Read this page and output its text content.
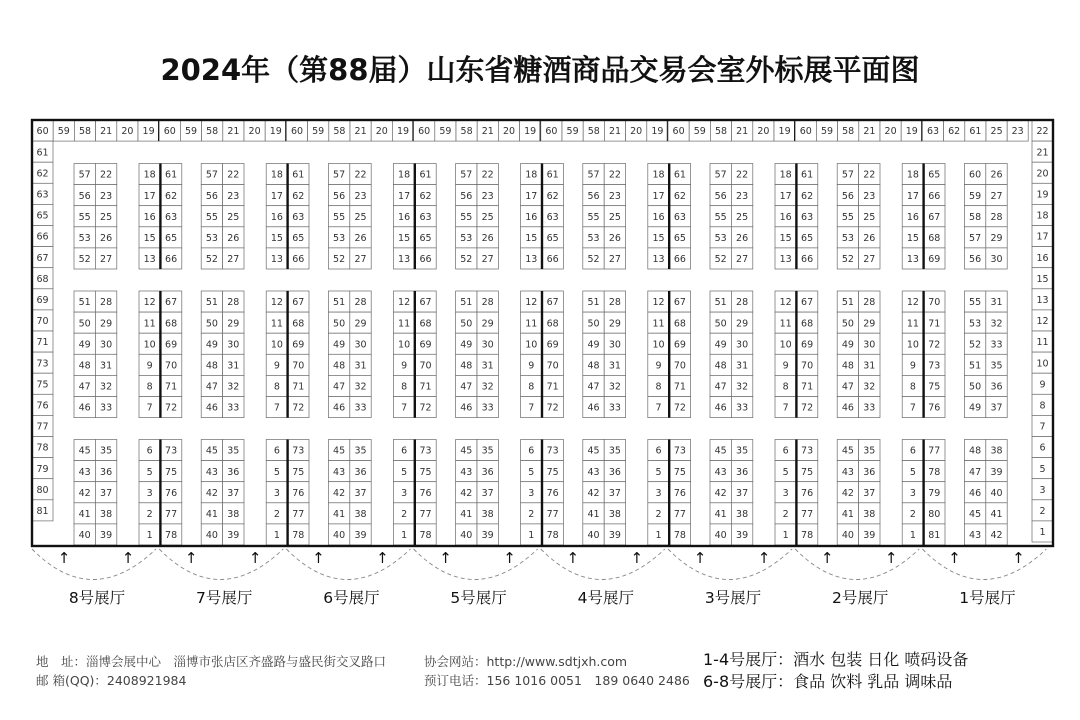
2024年（第88届）山东省糖酒商品交易会室外标展平面图
60 59 58 21 20 19 60 59 58 21 20 19 60 59 58 21 20 19 60 59 58 21 20 19 60 59 58 21 20 19 60 59 58 21 20 19 60 59 58 21 20 19 63 62 61 25 23 22
61
62
63
65
66
67
68
69
70
71
73
75
76
77
78
79
80
81
21
20
19
18
17
16
15
13
12
11
10
9
8
7
6
5
3
2
1
57 22
56 23
55 25
53 26
52 27
51 28
50 29
49 30
48 31
47 32
46 33
45 35
43 36
42 37
41 38
40 39
18 61
17 62
16 63
15 65
13 66
12 67
11 68
10 69
9 70
8 71
7 72
6 73
5 75
3 76
2 77
1 78
57 22
56 23
55 25
53 26
52 27
51 28
50 29
49 30
48 31
47 32
46 33
45 35
43 36
42 37
41 38
40 39
18 61
17 62
16 63
15 65
13 66
12 67
11 68
10 69
9 70
8 71
7 72
6 73
5 75
3 76
2 77
1 78
57 22
56 23
55 25
53 26
52 27
51 28
50 29
49 30
48 31
47 32
46 33
45 35
43 36
42 37
41 38
40 39
18 61
17 62
16 63
15 65
13 66
12 67
11 68
10 69
9 70
8 71
7 72
6 73
5 75
3 76
2 77
1 78
57 22
56 23
55 25
53 26
52 27
51 28
50 29
49 30
48 31
47 32
46 33
45 35
43 36
42 37
41 38
40 39
18 61
17 62
16 63
15 65
13 66
12 67
11 68
10 69
9 70
8 71
7 72
6 73
5 75
3 76
2 77
1 78
57 22
56 23
55 25
53 26
52 27
51 28
50 29
49 30
48 31
47 32
46 33
45 35
43 36
42 37
41 38
40 39
18 61
17 62
16 63
15 65
13 66
12 67
11 68
10 69
9 70
8 71
7 72
6 73
5 75
3 76
2 77
1 78
57 22
56 23
55 25
53 26
52 27
51 28
50 29
49 30
48 31
47 32
46 33
45 35
43 36
42 37
41 38
40 39
18 61
17 62
16 63
15 65
13 66
12 67
11 68
10 69
9 70
8 71
7 72
6 73
5 75
3 76
2 77
1 78
57 22
56 23
55 25
53 26
52 27
51 28
50 29
49 30
48 31
47 32
46 33
45 35
43 36
42 37
41 38
40 39
18 65
17 66
16 67
15 68
13 69
12 70
11 71
10 72
9 73
8 75
7 76
6 77
5 78
3 79
2 80
1 81
60 26
59 27
58 28
57 29
56 30
55 31
53 32
52 33
51 35
50 36
49 37
48 38
47 39
46 40
45 41
43 42
8号展厅	7号展厅	6号展厅	5号展厅	4号展厅	3号展厅	2号展厅	1号展厅
↑	↑	↑	↑	↑	↑	↑	↑	↑	↑	↑	↑	↑	↑	↑	↑
地　址：淄博会展中心　淄博市张店区齐盛路与盛民街交叉路口
邮 箱(QQ)：2408921984
协会网站：http://www.sdtjxh.com
预订电话：156 1016 0051　189 0640 2486
1-4号展厅：酒水 包装 日化 喷码设备
6-8号展厅：食品 饮料 乳品 调味品
